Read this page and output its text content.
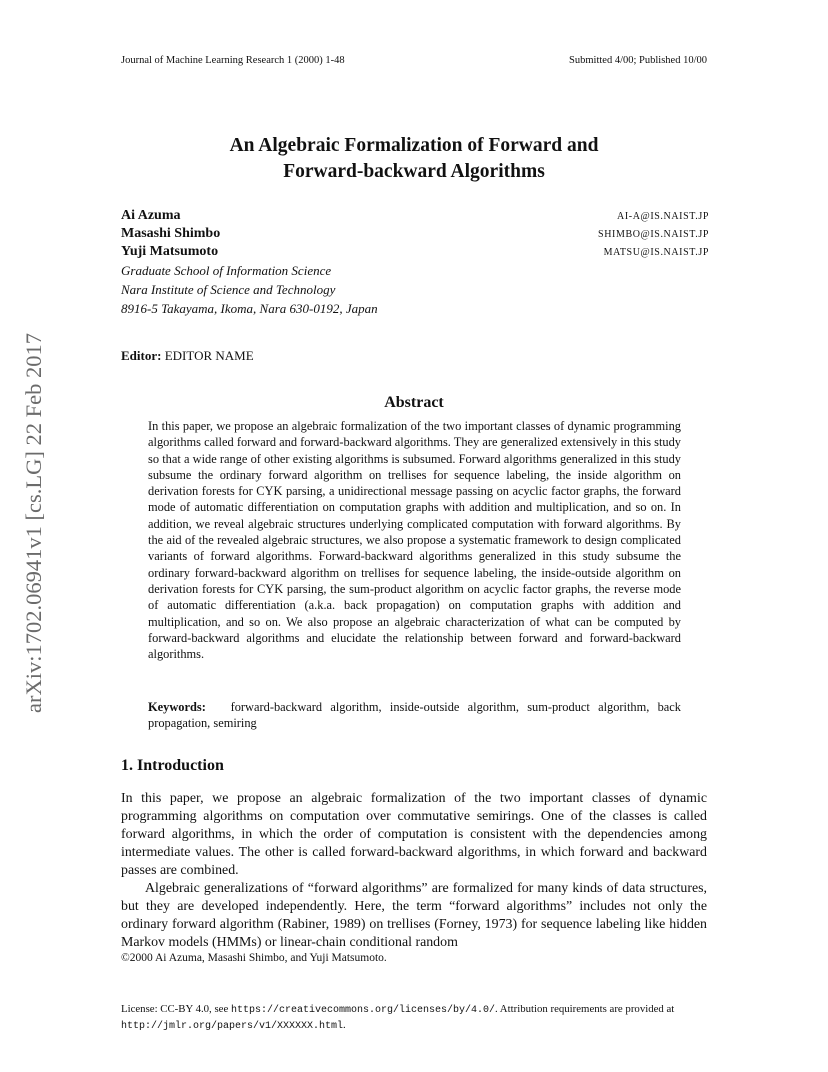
Journal of Machine Learning Research 1 (2000) 1-48	Submitted 4/00; Published 10/00
arXiv:1702.06941v1 [cs.LG] 22 Feb 2017
An Algebraic Formalization of Forward and
Forward-backward Algorithms
Ai Azuma	AI-A@IS.NAIST.JP
Masashi Shimbo	SHIMBO@IS.NAIST.JP
Yuji Matsumoto	MATSU@IS.NAIST.JP
Graduate School of Information Science
Nara Institute of Science and Technology
8916-5 Takayama, Ikoma, Nara 630-0192, Japan
Editor: EDITOR NAME
Abstract
In this paper, we propose an algebraic formalization of the two important classes of dynamic programming algorithms called forward and forward-backward algorithms. They are generalized extensively in this study so that a wide range of other existing algorithms is subsumed. Forward algorithms generalized in this study subsume the ordinary forward algorithm on trellises for sequence labeling, the inside algorithm on derivation forests for CYK parsing, a unidirectional message passing on acyclic factor graphs, the forward mode of automatic differentiation on computation graphs with addition and multiplication, and so on. In addition, we reveal algebraic structures underlying complicated computation with forward algorithms. By the aid of the revealed algebraic structures, we also propose a systematic framework to design complicated variants of forward algorithms. Forward-backward algorithms generalized in this study subsume the ordinary forward-backward algorithm on trellises for sequence labeling, the inside-outside algorithm on derivation forests for CYK parsing, the sum-product algorithm on acyclic factor graphs, the reverse mode of automatic differentiation (a.k.a. back propagation) on computation graphs with addition and multiplication, and so on. We also propose an algebraic characterization of what can be computed by forward-backward algorithms and elucidate the relationship between forward and forward-backward algorithms.
Keywords: forward-backward algorithm, inside-outside algorithm, sum-product algorithm, back propagation, semiring
1. Introduction

In this paper, we propose an algebraic formalization of the two important classes of dynamic programming algorithms on computation over commutative semirings. One of the classes is called forward algorithms, in which the order of computation is consistent with the dependencies among intermediate values. The other is called forward-backward algorithms, in which forward and backward passes are combined.

Algebraic generalizations of “forward algorithms” are formalized for many kinds of data structures, but they are developed independently. Here, the term “forward algorithms” includes not only the ordinary forward algorithm (Rabiner, 1989) on trellises (Forney, 1973) for sequence labeling like hidden Markov models (HMMs) or linear-chain conditional random

©2000 Ai Azuma, Masashi Shimbo, and Yuji Matsumoto.
License: CC-BY 4.0, see https://creativecommons.org/licenses/by/4.0/. Attribution requirements are provided at http://jmlr.org/papers/v1/XXXXXX.html.
